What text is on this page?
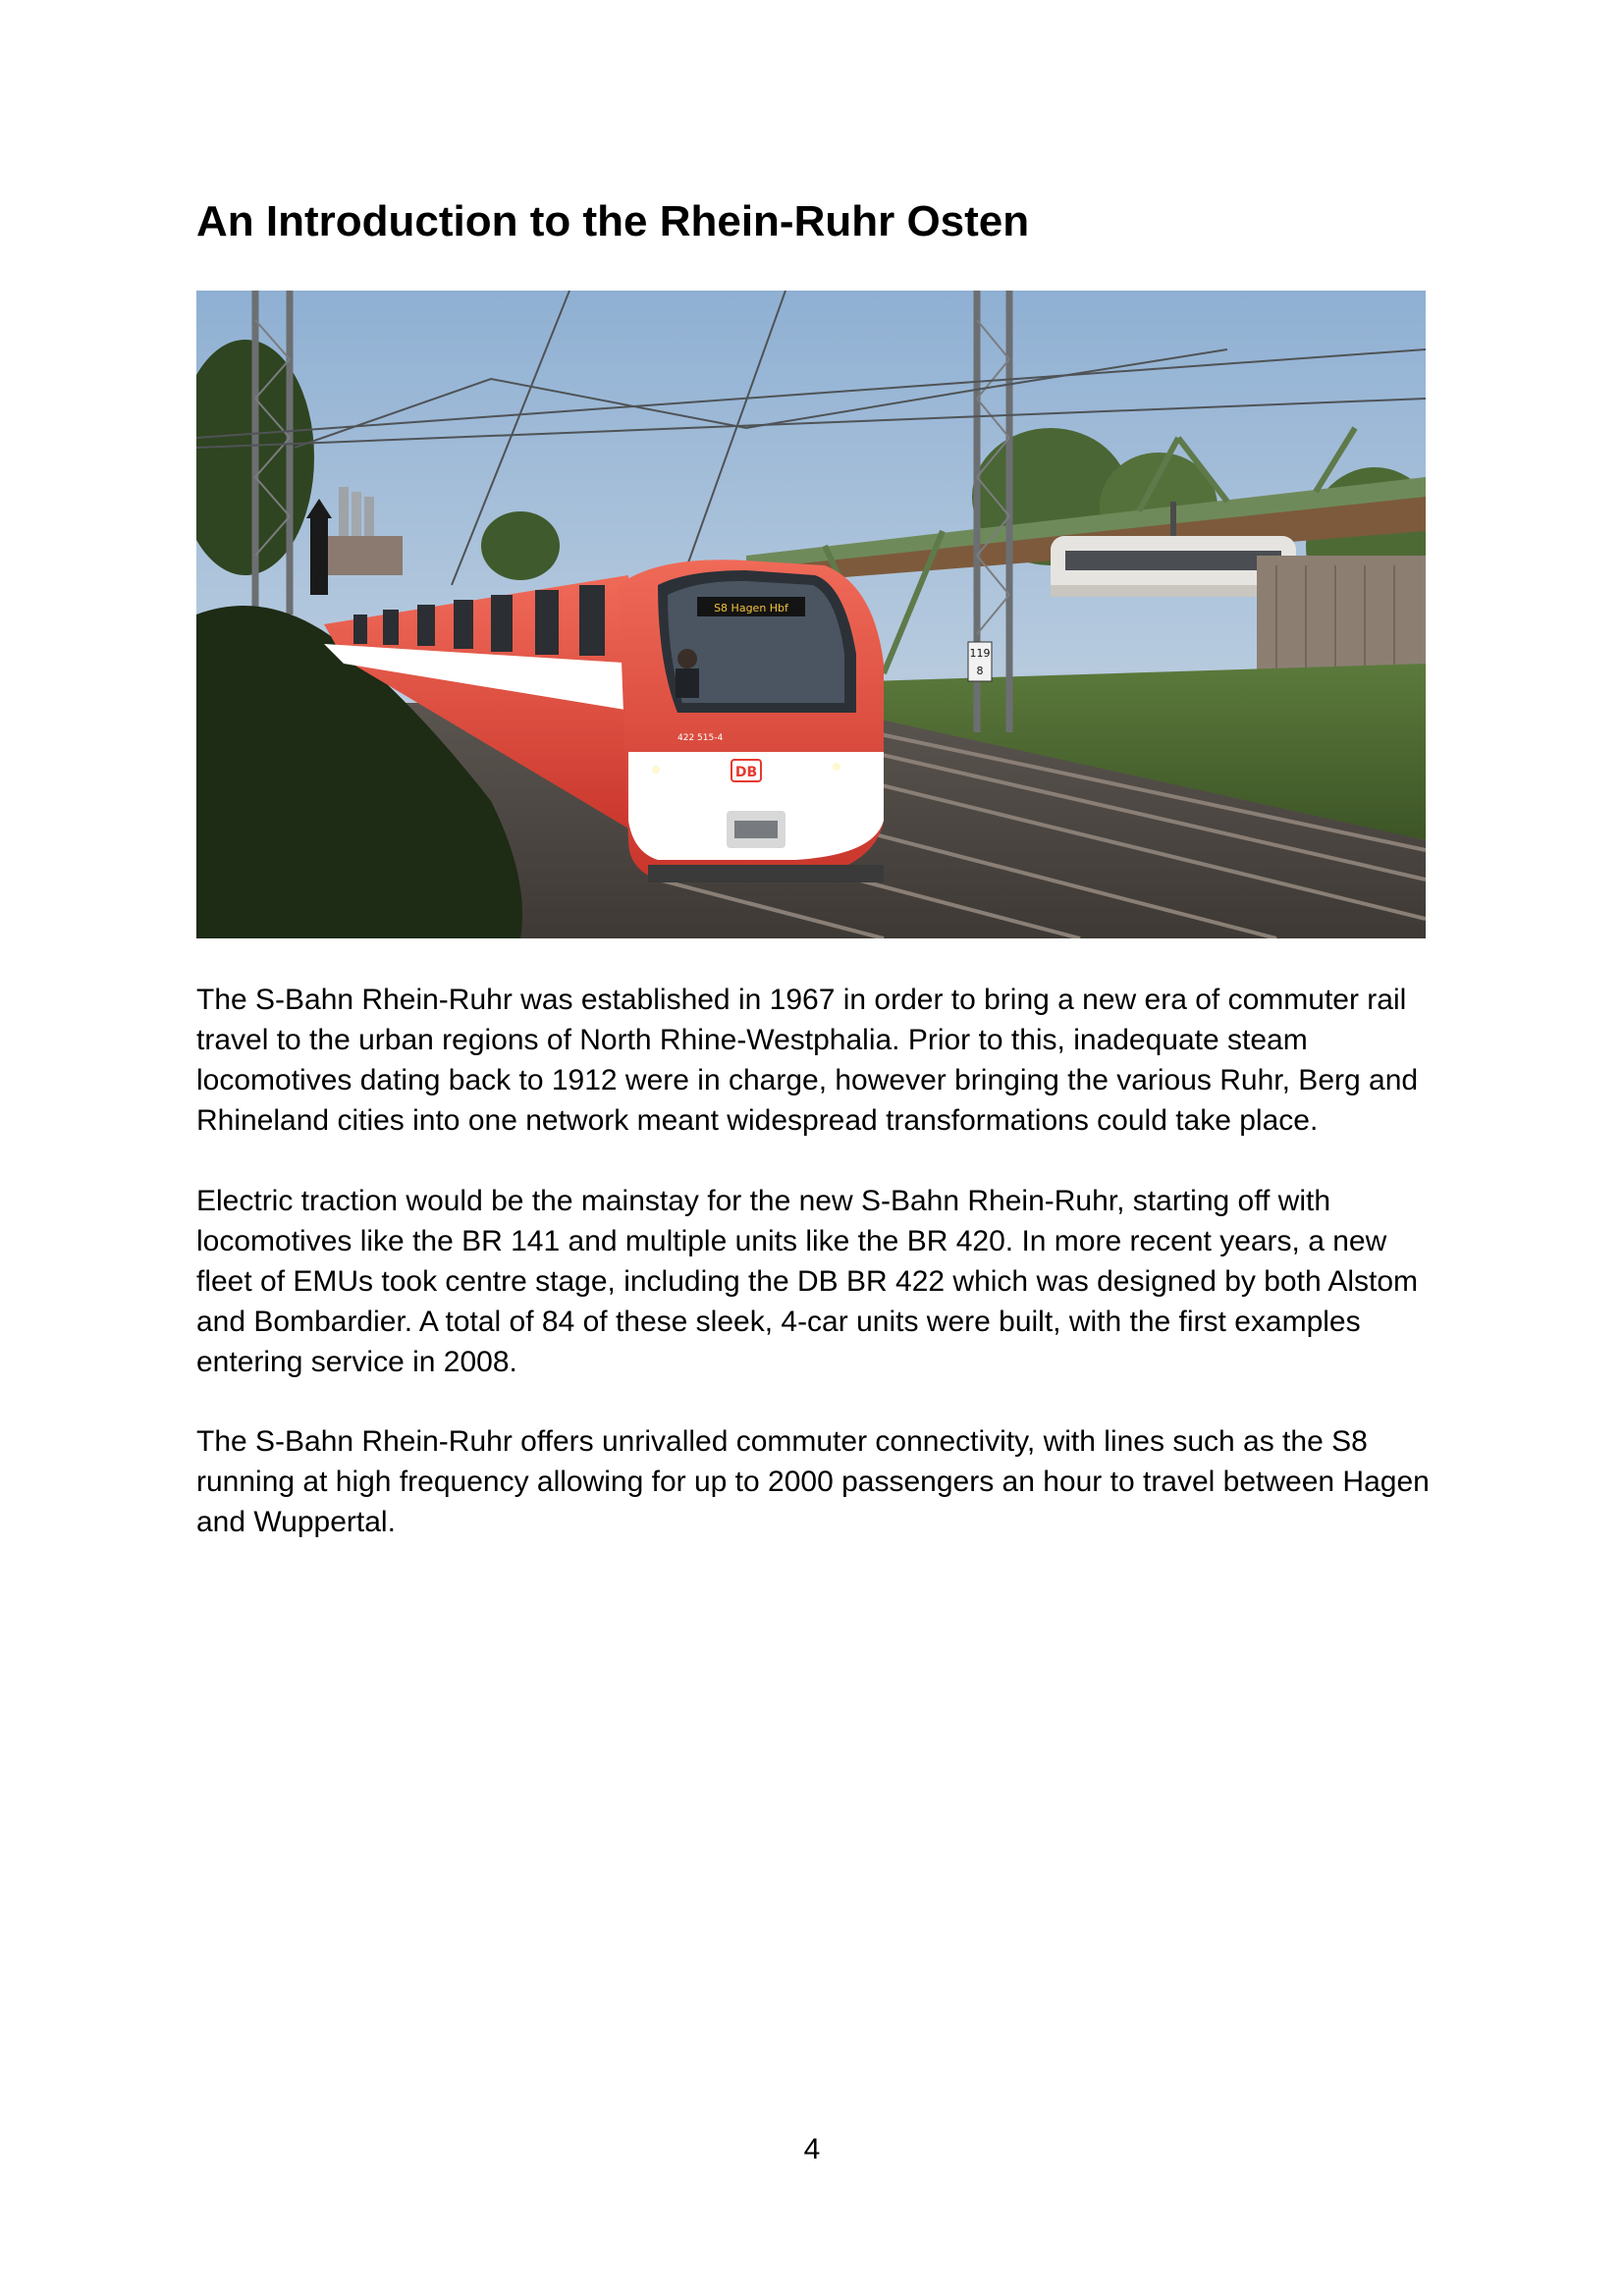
An Introduction to the Rhein-Ruhr Osten
119
8
S8 Hagen Hbf
422 515-4
DB

The S-Bahn Rhein-Ruhr was established in 1967 in order to bring a new era of commuter rail travel to the urban regions of North Rhine-Westphalia. Prior to this, inadequate steam locomotives dating back to 1912 were in charge, however bringing the various Ruhr, Berg and Rhineland cities into one network meant widespread transformations could take place.

Electric traction would be the mainstay for the new S-Bahn Rhein-Ruhr, starting off with locomotives like the BR 141 and multiple units like the BR 420. In more recent years, a new fleet of EMUs took centre stage, including the DB BR 422 which was designed by both Alstom and Bombardier. A total of 84 of these sleek, 4-car units were built, with the first examples entering service in 2008.

The S-Bahn Rhein-Ruhr offers unrivalled commuter connectivity, with lines such as the S8 running at high frequency allowing for up to 2000 passengers an hour to travel between Hagen and Wuppertal.

4
